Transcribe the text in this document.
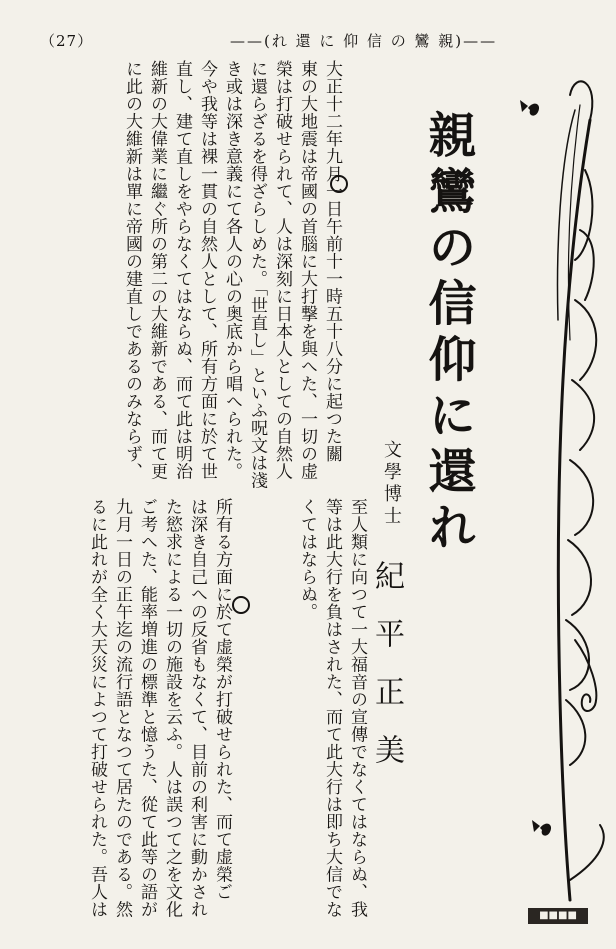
（27）	——(れ 還 に 仰 信 の 鸞 親)——
親鸞の信仰に還れ
文學博士
紀平正美
等は此大行を負はされた、而て此大行は即ち大信でな 至人類に向つて一大福音の宣傳でなくてはならぬ、我
くてはならぬ。
大正十二年九月一日午前十一時五十八分に起つた關
東の大地震は帝國の首腦に大打撃を與へた、一切の虚
榮は打破せられて、人は深刻に日本人としての自然人
に還らざるを得ざらしめた。「世直し」といふ呪文は淺
き或は深き意義にて各人の心の奥底から唱へられた。
今や我等は裸一貫の自然人として、所有方面に於て世
直し、建て直しをやらなくてはならぬ、而て此は明治
維新の大偉業に繼ぐ所の第二の大維新である、而て更
に此の大維新は單に帝國の建直しであるのみならず、
所有る方面に於て虚榮が打破せられた、而て虚榮ご
は深き自己への反省もなくて、目前の利害に動かされ
た慾求による一切の施設を云ふ。人は誤つて之を文化
ご考へた、能率増進の標準と憶うた、從て此等の語が
九月一日の正午迄の流行語となつて居たのである。然
るに此れが全く大天災によつて打破せられた。吾人は	■■■■
